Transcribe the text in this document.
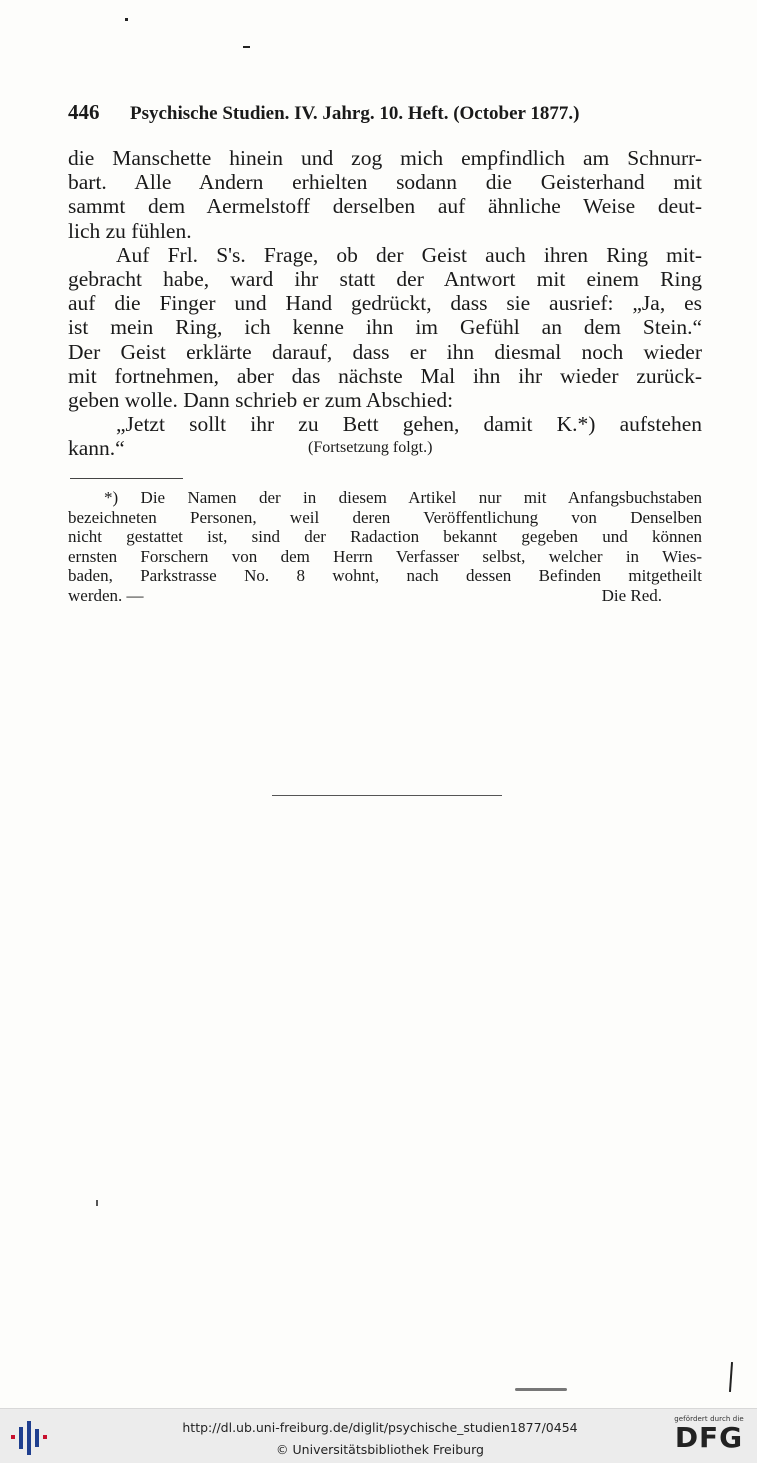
446 Psychische Studien. IV. Jahrg. 10. Heft. (October 1877.)
die Manschette hinein und zog mich empfindlich am Schnurr-
bart. Alle Andern erhielten sodann die Geisterhand mit
sammt dem Aermelstoff derselben auf ähnliche Weise deut-
lich zu fühlen.
Auf Frl. S's. Frage, ob der Geist auch ihren Ring mit-
gebracht habe, ward ihr statt der Antwort mit einem Ring
auf die Finger und Hand gedrückt, dass sie ausrief: „Ja, es
ist mein Ring, ich kenne ihn im Gefühl an dem Stein.“
Der Geist erklärte darauf, dass er ihn diesmal noch wieder
mit fortnehmen, aber das nächste Mal ihn ihr wieder zurück-
geben wolle. Dann schrieb er zum Abschied:
„Jetzt sollt ihr zu Bett gehen, damit K.*) aufstehen
kann.“	(Fortsetzung folgt.)
*) Die Namen der in diesem Artikel nur mit Anfangsbuchstaben
bezeichneten Personen, weil deren Veröffentlichung von Denselben
nicht gestattet ist, sind der Radaction bekannt gegeben und können
ernsten Forschern von dem Herrn Verfasser selbst, welcher in Wies-
baden, Parkstrasse No. 8 wohnt, nach dessen Befinden mitgetheilt
werden. —	Die Red.
http://dl.ub.uni-freiburg.de/diglit/psychische_studien1877/0454
© Universitätsbibliothek Freiburg
gefördert durch die
DFG
